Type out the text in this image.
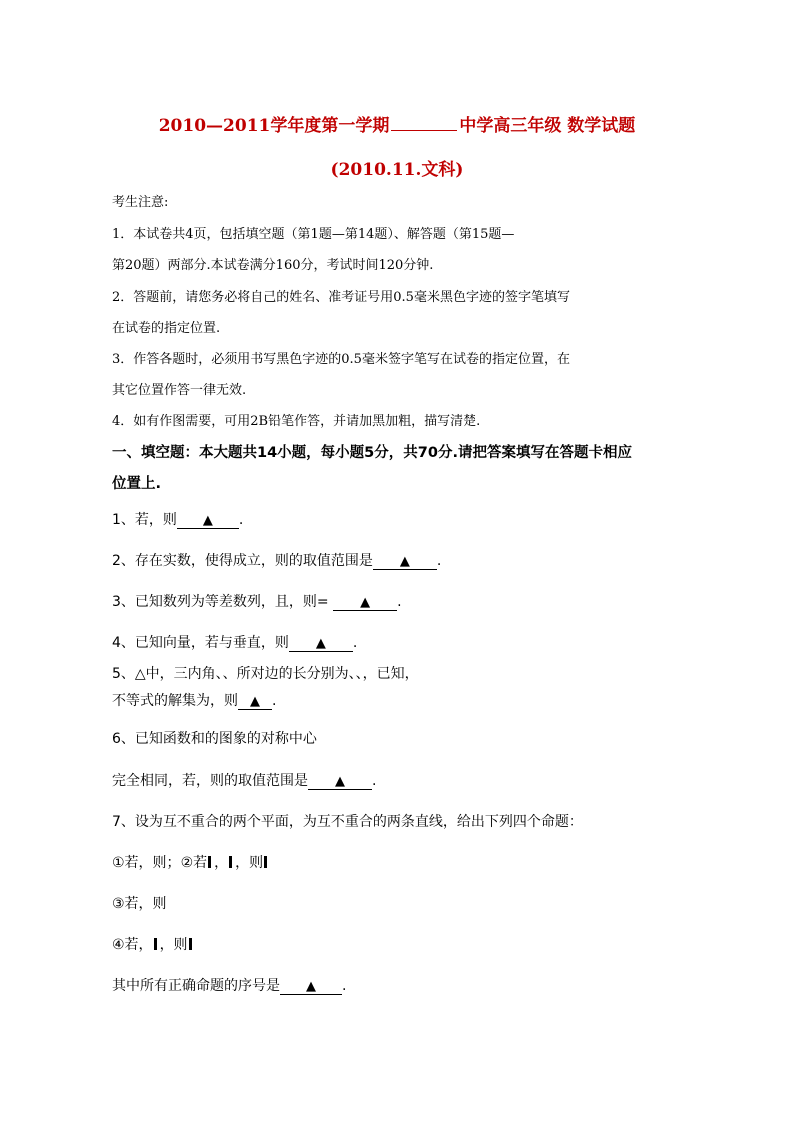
2010—2011学年度第一学期	中学高三年级 数学试题
(2010.11.文科)
考生注意:
1．本试卷共4页，包括填空题（第1题—第14题）、解答题（第15题—
第20题）两部分.本试卷满分160分，考试时间120分钟.
2．答题前，请您务必将自己的姓名、准考证号用0.5毫米黑色字迹的签字笔填写
在试卷的指定位置.
3．作答各题时，必须用书写黑色字迹的0.5毫米签字笔写在试卷的指定位置，在
其它位置作答一律无效.
4．如有作图需要，可用2B铅笔作答，并请加黑加粗，描写清楚.
一、填空题：本大题共14小题，每小题5分，共70分.请把答案填写在答题卡相应
位置上.
1、若，则 ▲ .
2、存在实数，使得成立，则的取值范围是 ▲ .
3、已知数列为等差数列，且，则= ▲ .
4、已知向量，若与垂直，则 ▲ .
5、△中，三内角、、所对边的长分别为、、，已知，
不等式的解集为，则 ▲ .
6、已知函数和的图象的对称中心
完全相同，若，则的取值范围是 ▲ .
7、设为互不重合的两个平面，为互不重合的两条直线，给出下列四个命题：
①若，则；②若 ， ，则
③若，则
④若， ，则
其中所有正确命题的序号是 ▲ .
